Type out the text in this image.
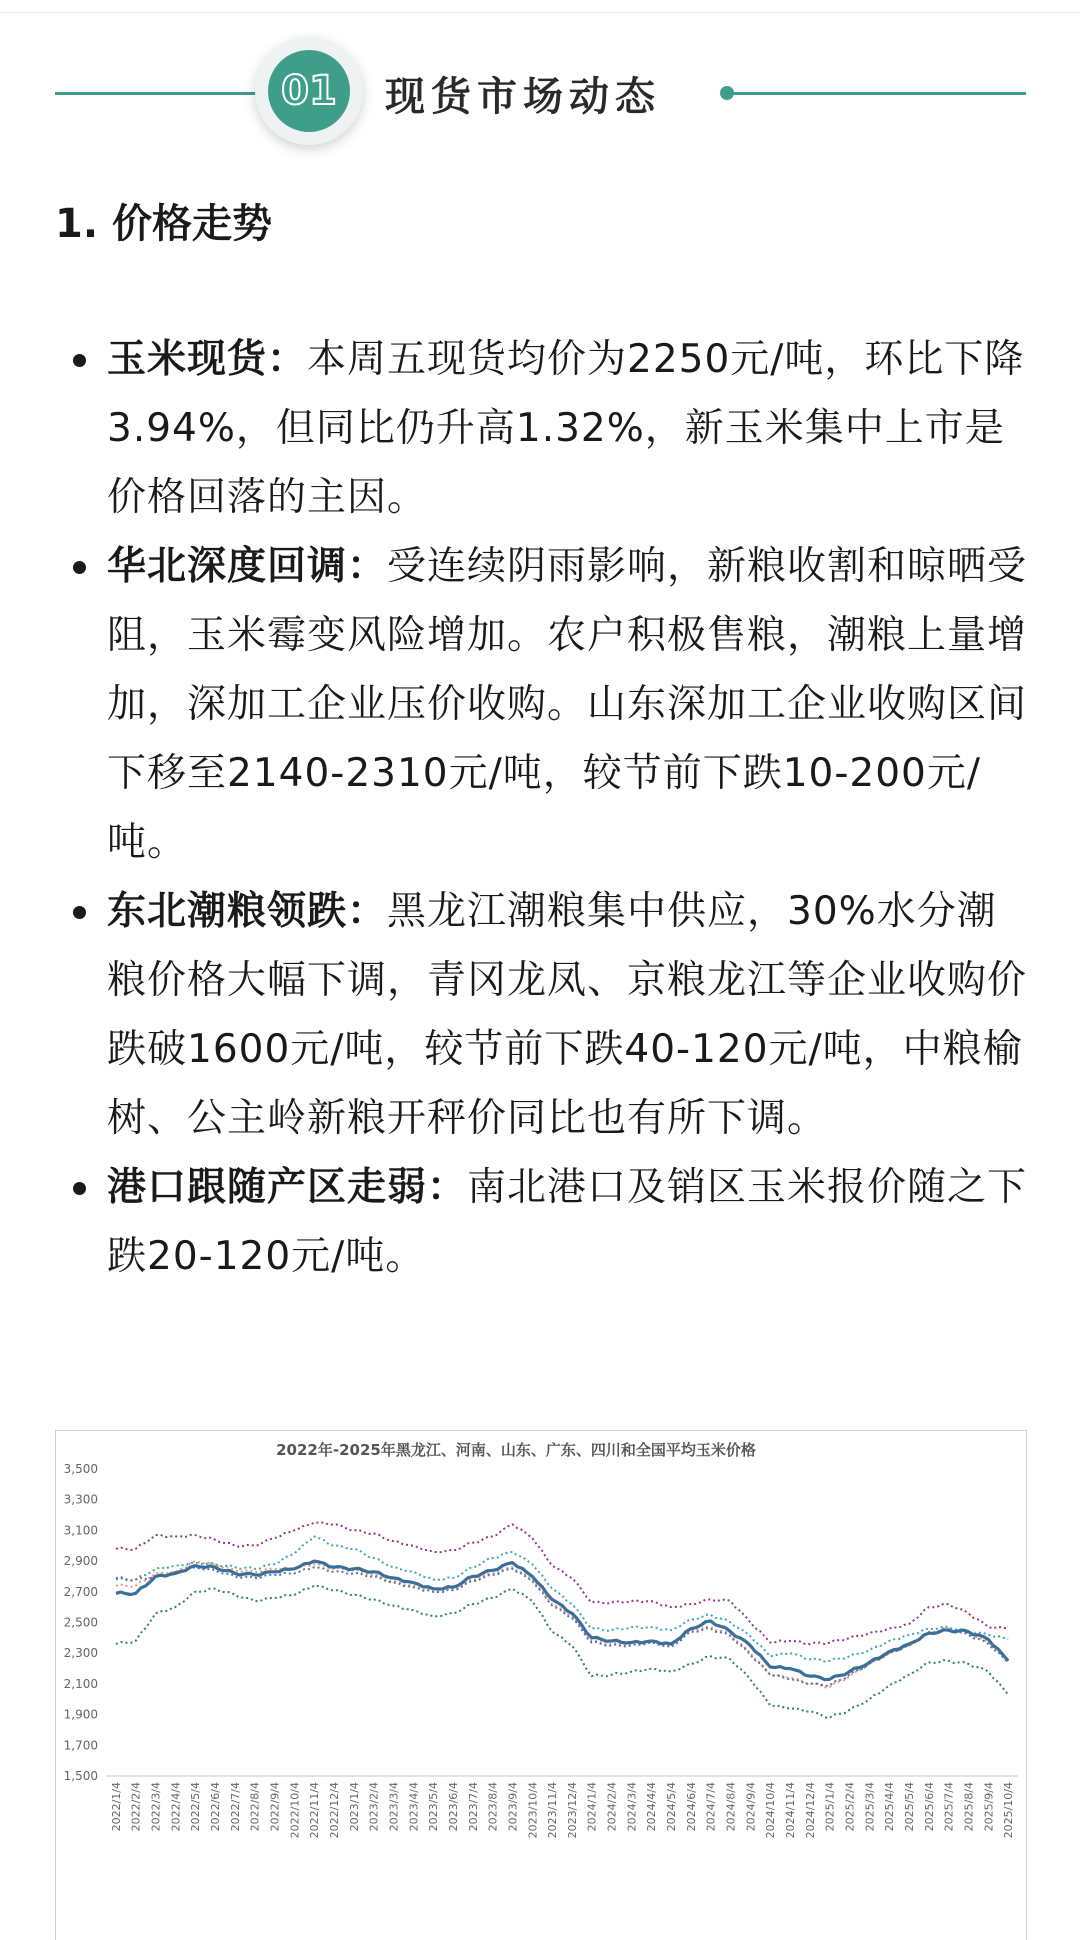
01 现货市场动态
1. 价格走势
玉米现货：本周五现货均价为2250元/吨，环比下降3.94%，但同比仍升高1.32%，新玉米集中上市是价格回落的主因。
华北深度回调：受连续阴雨影响，新粮收割和晾晒受阻，玉米霉变风险增加。农户积极售粮，潮粮上量增加，深加工企业压价收购。山东深加工企业收购区间下移至2140-2310元/吨，较节前下跌10-200元/吨。
东北潮粮领跌：黑龙江潮粮集中供应，30%水分潮粮价格大幅下调，青冈龙凤、京粮龙江等企业收购价跌破1600元/吨，较节前下跌40-120元/吨，中粮榆树、公主岭新粮开秤价同比也有所下调。
港口跟随产区走弱：南北港口及销区玉米报价随之下跌20-120元/吨。
2022年-2025年黑龙江、河南、山东、广东、四川和全国平均玉米价格
3,500
3,300
3,100
2,900
2,700
2,500
2,300
2,100
1,900
1,700
1,500
2022/1/4 2022/2/4 2022/3/4 2022/4/4 2022/5/4 2022/6/4 2022/7/4 2022/8/4 2022/9/4 2022/10/4 2022/11/4 2022/12/4 2023/1/4 2023/2/4 2023/3/4 2023/4/4 2023/5/4 2023/6/4 2023/7/4 2023/8/4 2023/9/4 2023/10/4 2023/11/4 2023/12/4 2024/1/4 2024/2/4 2024/3/4 2024/4/4 2024/5/4 2024/6/4 2024/7/4 2024/8/4 2024/9/4 2024/10/4 2024/11/4 2024/12/4 2025/1/4 2025/2/4 2025/3/4 2025/4/4 2025/5/4 2025/6/4 2025/7/4 2025/8/4 2025/9/4 2025/10/4
